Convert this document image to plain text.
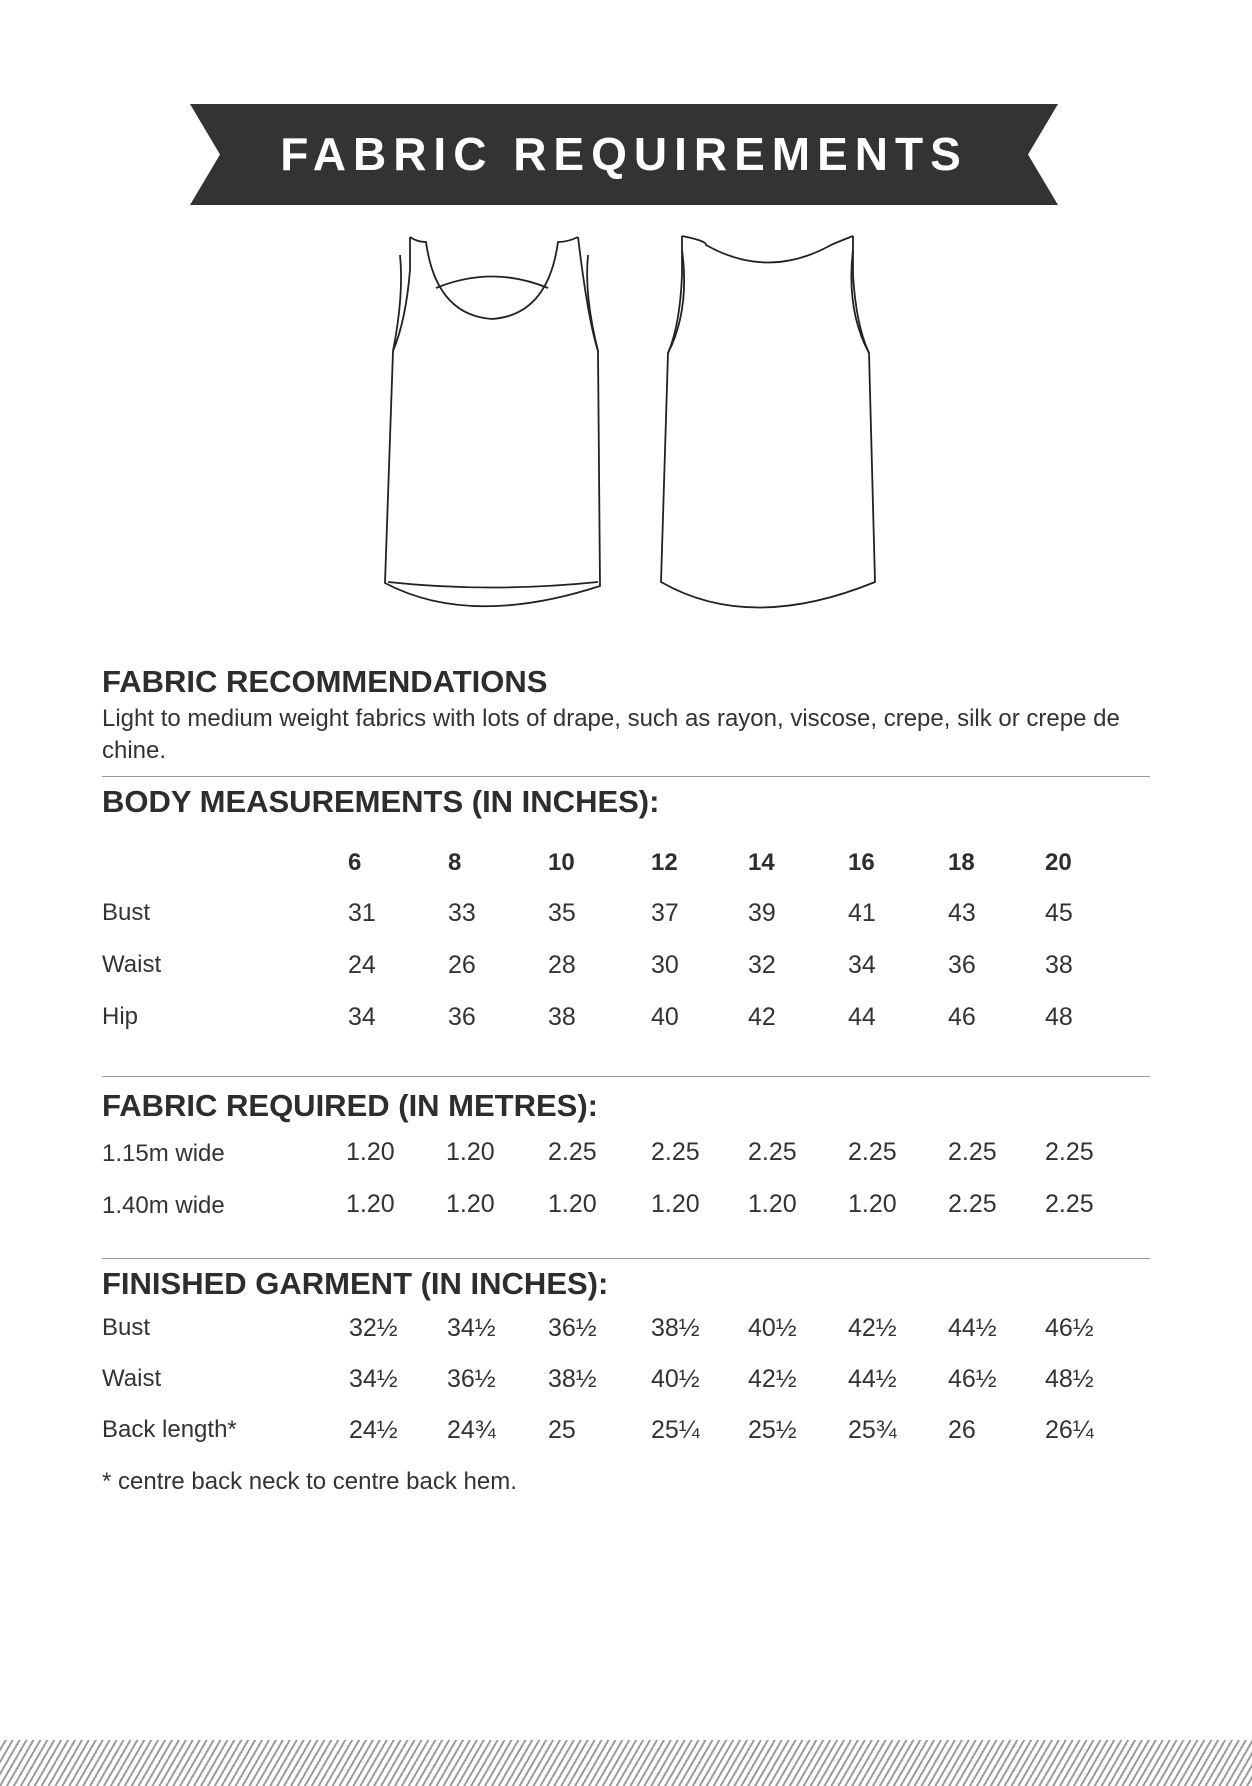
FABRIC REQUIREMENTS
FABRIC RECOMMENDATIONS
Light to medium weight fabrics with lots of drape, such as rayon, viscose, crepe, silk or crepe de chine.
BODY MEASUREMENTS (IN INCHES):
6	8	10	12	14	16	18	20
Bust	31	33	35	37	39	41	43	45
Waist	24	26	28	30	32	34	36	38
Hip	34	36	38	40	42	44	46	48
FABRIC REQUIRED (IN METRES):
1.15m wide	1.20 1.20 2.25 2.25 2.25 2.25 2.25 2.25
1.40m wide	1.20 1.20 1.20 1.20 1.20 1.20 2.25 2.25
FINISHED GARMENT (IN INCHES):
Bust	32½ 34½ 36½ 38½ 40½ 42½ 44½ 46½
Waist	34½ 36½ 38½ 40½ 42½ 44½ 46½ 48½
Back length*	24½ 24¾ 25	25¼ 25½ 25¾ 26	26¼
* centre back neck to centre back hem.
